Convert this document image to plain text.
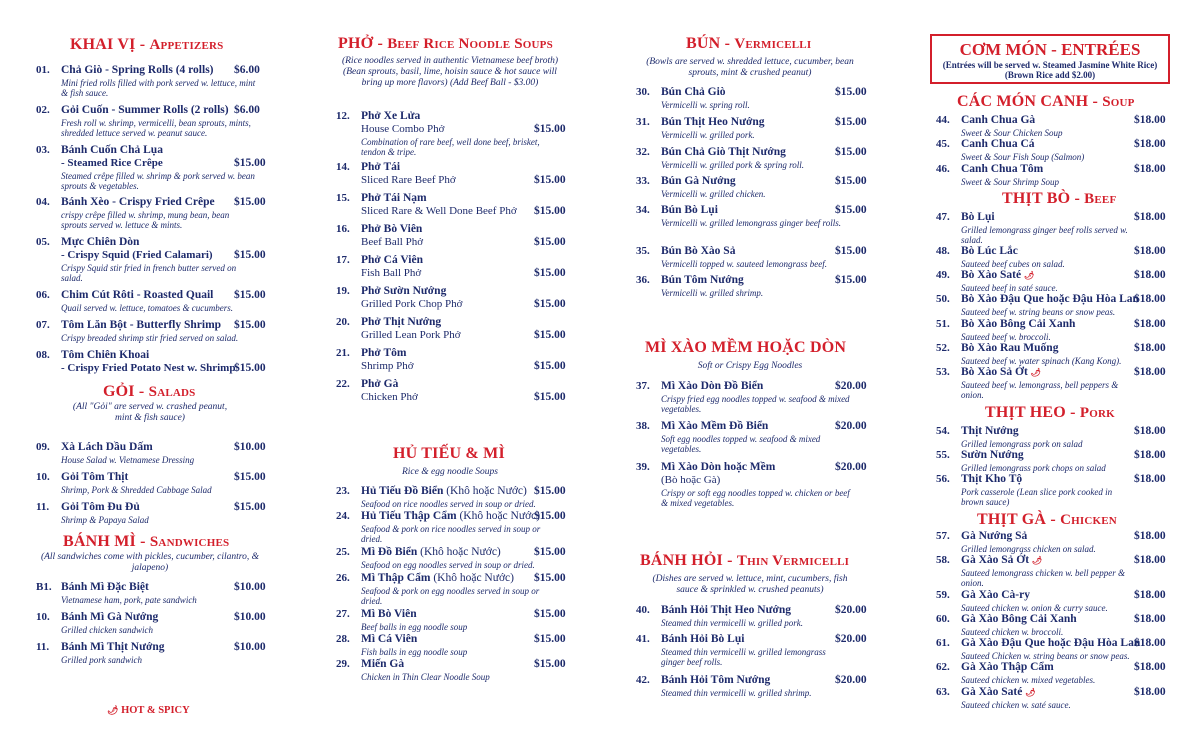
KHAI VỊ - Appetizers
01. Chả Giò - Spring Rolls (4 rolls)
Mini fried rolls filled with pork served w. lettuce, mint & fish sauce.
$6.00
02. Gỏi Cuốn - Summer Rolls (2 rolls)
Fresh roll w. shrimp, vermicelli, bean sprouts, mints, shredded lettuce served w. peanut sauce.
$6.00
03. Bánh Cuốn Chả Lụa
- Steamed Rice Crêpe
Steamed crêpe filled w. shrimp & pork served w. bean sprouts & vegetables.
$15.00
04. Bánh Xèo - Crispy Fried Crêpe
crispy crêpe filled w. shrimp, mung bean, bean sprouts served w. lettuce & mints.
$15.00
05. Mực Chiên Dòn
- Crispy Squid (Fried Calamari)
Crispy Squid stir fried in french butter served on salad.
$15.00
06. Chim Cút Rôti - Roasted Quail
Quail served w. lettuce, tomatoes & cucumbers.
$15.00
07. Tôm Lăn Bột - Butterfly Shrimp
Crispy breaded shrimp stir fried served on salad.
$15.00
08. Tôm Chiên Khoai
- Crispy Fried Potato Nest w. Shrimp
$15.00
GỎI - Salads
(All "Gỏi" are served w. crashed peanut, mint & fish sauce)
09. Xà Lách Dầu Dấm
House Salad w. Vietnamese Dressing
$10.00
10. Gỏi Tôm Thịt
Shrimp, Pork & Shredded Cabbage Salad
$15.00
11. Gỏi Tôm Đu Đủ
Shrimp & Papaya Salad
$15.00
BÁNH MÌ - Sandwiches
(All sandwiches come with pickles, cucumber, cilantro, & jalapeno)
B1. Bánh Mì Đặc Biệt
Vietnamese ham, pork, pate sandwich
$10.00
10. Bánh Mì Gà Nướng
Grilled chicken sandwich
$10.00
11. Bánh Mì Thịt Nướng
Grilled pork sandwich
$10.00
🌶 HOT & SPICY
PHỞ - Beef Rice Noodle Soups
(Rice noodles served in authentic Vietnamese beef broth) (Bean sprouts, basil, lime, hoisin sauce & hot sauce will bring up more flavors) (Add Beef Ball - $3.00)
12. Phở Xe Lửa
House Combo Phở
Combination of rare beef, well done beef, brisket, tendon & tripe.
$15.00
14. Phở Tái
Sliced Rare Beef Phở	$15.00
15. Phở Tái Nạm
Sliced Rare & Well Done Beef Phở $15.00
16. Phở Bò Viên
Beef Ball Phở	$15.00
17. Phở Cá Viên
Fish Ball Phở	$15.00
19. Phở Sườn Nướng
Grilled Pork Chop Phở	$15.00
20. Phở Thịt Nướng
Grilled Lean Pork Phở	$15.00
21. Phở Tôm
Shrimp Phở	$15.00
22. Phở Gà
Chicken Phở	$15.00
HỦ TIẾU & MÌ
Rice & egg noodle Soups
23. Hủ Tiếu Đồ Biển (Khô hoặc Nước)
Seafood on rice noodles served in soup or dried.
$15.00
24. Hủ Tiếu Thập Cẩm (Khô hoặc Nước)
Seafood & pork on rice noodles served in soup or dried.
$15.00
25. Mì Đồ Biển (Khô hoặc Nước)
Seafood on egg noodles served in soup or dried.
$15.00
26. Mì Thập Cẩm (Khô hoặc Nước)
Seafood & pork on egg noodles served in soup or dried.
$15.00
27. Mì Bò Viên
Beef balls in egg noodle soup
$15.00
28. Mì Cá Viên
Fish balls in egg noodle soup
$15.00
29. Miến Gà
Chicken in Thin Clear Noodle Soup
$15.00
BÚN - Vermicelli
(Bowls are served w. shredded lettuce, cucumber, bean sprouts, mint & crushed peanut)
30. Bún Chả Giò
Vermicelli w. spring roll.
$15.00
31. Bún Thịt Heo Nướng
Vermicelli w. grilled pork.
$15.00
32. Bún Chả Giò Thịt Nướng
Vermicelli w. grilled pork & spring roll.
$15.00
33. Bún Gà Nướng
Vermicelli w. grilled chicken.
$15.00
34. Bún Bò Lụi
Vermicelli w. grilled lemongrass ginger beef rolls.
$15.00
35. Bún Bò Xào Sả
Vermicelli topped w. sauteed lemongrass beef.
$15.00
36. Bún Tôm Nướng
Vermicelli w. grilled shrimp.
$15.00
MÌ XÀO MỀM HOẶC DÒN
Soft or Crispy Egg Noodles
37. Mì Xào Dòn Đồ Biển
Crispy fried egg noodles topped w. seafood & mixed vegetables.
$20.00
38. Mì Xào Mềm Đồ Biển
Soft egg noodles topped w. seafood & mixed vegetables.
$20.00
39. Mì Xào Dòn hoặc Mềm
(Bò hoặc Gà)
Crispy or soft egg noodles topped w. chicken or beef & mixed vegetables.
$20.00
BÁNH HỎI - Thin Vermicelli
(Dishes are served w. lettuce, mint, cucumbers, fish sauce & sprinkled w. crushed peanuts)
40. Bánh Hỏi Thịt Heo Nướng
Steamed thin vermicelli w. grilled pork.
$20.00
41. Bánh Hỏi Bò Lụi
Steamed thin vermicelli w. grilled lemongrass ginger beef rolls.
$20.00
42. Bánh Hỏi Tôm Nướng
Steamed thin vermicelli w. grilled shrimp.
$20.00
CƠM MÓN - ENTRÉES
(Entrées will be served w. Steamed Jasmine White Rice)
(Brown Rice add $2.00)
CÁC MÓN CANH - Soup
44. Canh Chua Gà
Sweet & Sour Chicken Soup
$18.00
45. Canh Chua Cá
Sweet & Sour Fish Soup (Salmon)
$18.00
46. Canh Chua Tôm
Sweet & Sour Shrimp Soup
$18.00
THỊT BÒ - Beef
47. Bò Lụi
Grilled lemongrass ginger beef rolls served w. salad.
$18.00
48. Bò Lúc Lắc
Sauteed beef cubes on salad.
$18.00
49. Bò Xào Saté 🌶
Sauteed beef in saté sauce.
$18.00
50. Bò Xào Đậu Que hoặc Đậu Hòa Lan
Sauteed beef w. string beans or snow peas.
$18.00
51. Bò Xào Bông Cải Xanh
Sauteed beef w. broccoli.
$18.00
52. Bò Xào Rau Muống
Sauteed beef w. water spinach (Kang Kong).
$18.00
53. Bò Xào Sả Ớt 🌶
Sauteed beef w. lemongrass, bell peppers & onion.
$18.00
THỊT HEO - Pork
54. Thịt Nướng
Grilled lemongrass pork on salad
$18.00
55. Sườn Nướng
Grilled lemongrass pork chops on salad
$18.00
56. Thịt Kho Tộ
Pork casserole (Lean slice pork cooked in brown sauce)
$18.00
THỊT GÀ - Chicken
57. Gà Nướng Sả
Grilled lemongrass chicken on salad.
$18.00
58. Gà Xào Sả Ớt 🌶
Sauteed lemongrass chicken w. bell pepper & onion.
$18.00
59. Gà Xào Cà-ry
Sauteed chicken w. onion & curry sauce.
$18.00
60. Gà Xào Bông Cải Xanh
Sauteed chicken w. broccoli.
$18.00
61. Gà Xào Đậu Que hoặc Đậu Hòa Lan
Sauteed Chicken w. string beans or snow peas.
$18.00
62. Gà Xào Thập Cẩm
Sauteed chicken w. mixed vegetables.
$18.00
63. Gà Xào Saté 🌶
Sauteed chicken w. saté sauce.
$18.00
